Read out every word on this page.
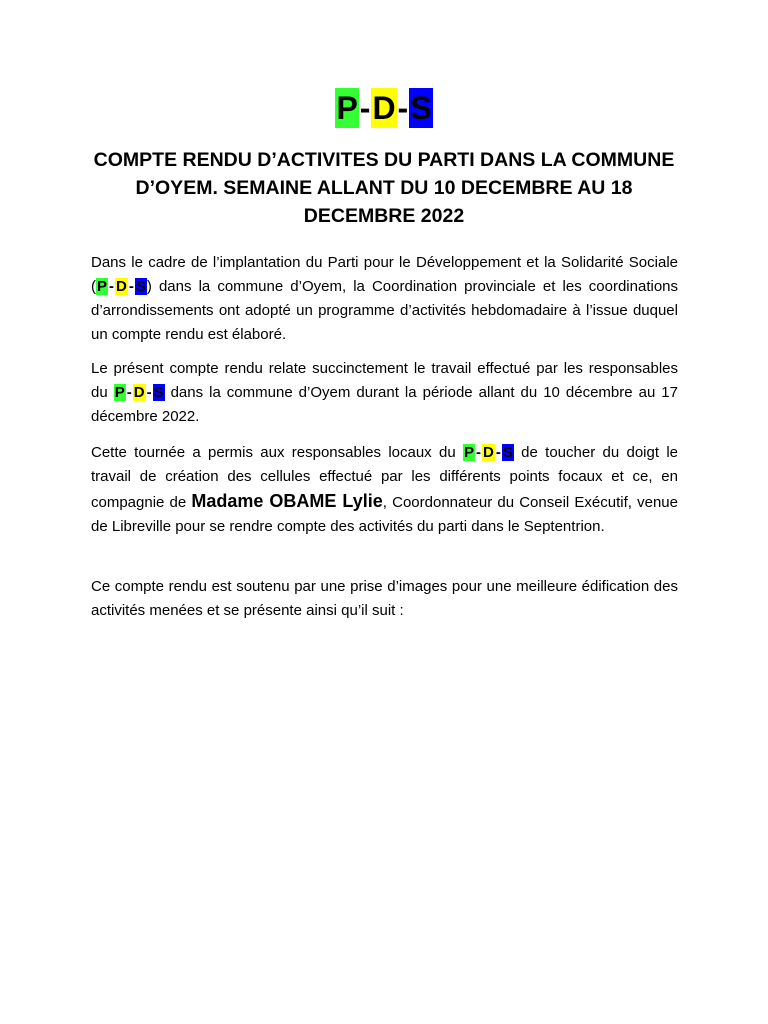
P-D-S
COMPTE RENDU D’ACTIVITES DU PARTI DANS LA COMMUNE D’OYEM. SEMAINE ALLANT DU 10 DECEMBRE AU 18 DECEMBRE 2022

Dans le cadre de l’implantation du Parti pour le Développement et la Solidarité Sociale (P - D - S) dans la commune d’Oyem, la Coordination provinciale et les coordinations d’arrondissements ont adopté un programme d’activités hebdomadaire à l’issue duquel un compte rendu est élaboré.

Le présent compte rendu relate succinctement le travail effectué par les responsables du P - D - S dans la commune d’Oyem durant la période allant du 10 décembre au 17 décembre 2022.

Cette tournée a permis aux responsables locaux du P - D - S de toucher du doigt le travail de création des cellules effectué par les différents points focaux et ce, en compagnie de Madame OBAME Lylie, Coordonnateur du Conseil Exécutif, venue de Libreville pour se rendre compte des activités du parti dans le Septentrion.

Ce compte rendu est soutenu par une prise d’images pour une meilleure édification des activités menées et se présente ainsi qu’il suit :
